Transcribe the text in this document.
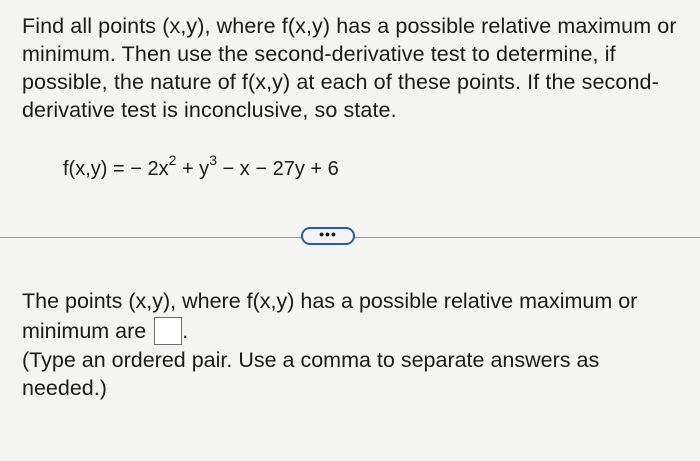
Find all points (x,y), where f(x,y) has a possible relative maximum or minimum. Then use the second-derivative test to determine, if possible, the nature of f(x,y) at each of these points. If the second-derivative test is inconclusive, so state.

f(x,y) = − $2x^2 + y^3 - x - 27y + 6$
•••

The points (x,y), where f(x,y) has a possible relative maximum or

minimum are .

(Type an ordered pair. Use a comma to separate answers as needed.)
